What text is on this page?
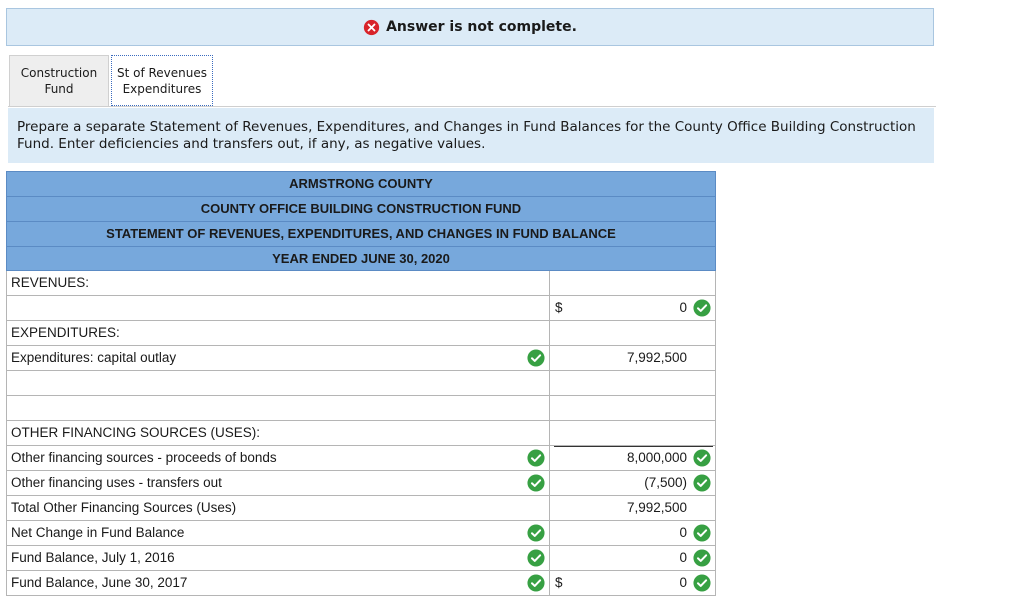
Answer is not complete.
Construction Fund
St of Revenues Expenditures
Prepare a separate Statement of Revenues, Expenditures, and Changes in Fund Balances for the County Office Building Construction Fund. Enter deficiencies and transfers out, if any, as negative values.
ARMSTRONG COUNTY
COUNTY OFFICE BUILDING CONSTRUCTION FUND
STATEMENT OF REVENUES, EXPENDITURES, AND CHANGES IN FUND BALANCE
YEAR ENDED JUNE 30, 2020
REVENUES:
$	0
EXPENDITURES:
Expenditures: capital outlay	7,992,500
OTHER FINANCING SOURCES (USES):
Other financing sources - proceeds of bonds	8,000,000
Other financing uses - transfers out	(7,500)
Total Other Financing Sources (Uses)	7,992,500
Net Change in Fund Balance	0
Fund Balance, July 1, 2016	0
Fund Balance, June 30, 2017	$	0
